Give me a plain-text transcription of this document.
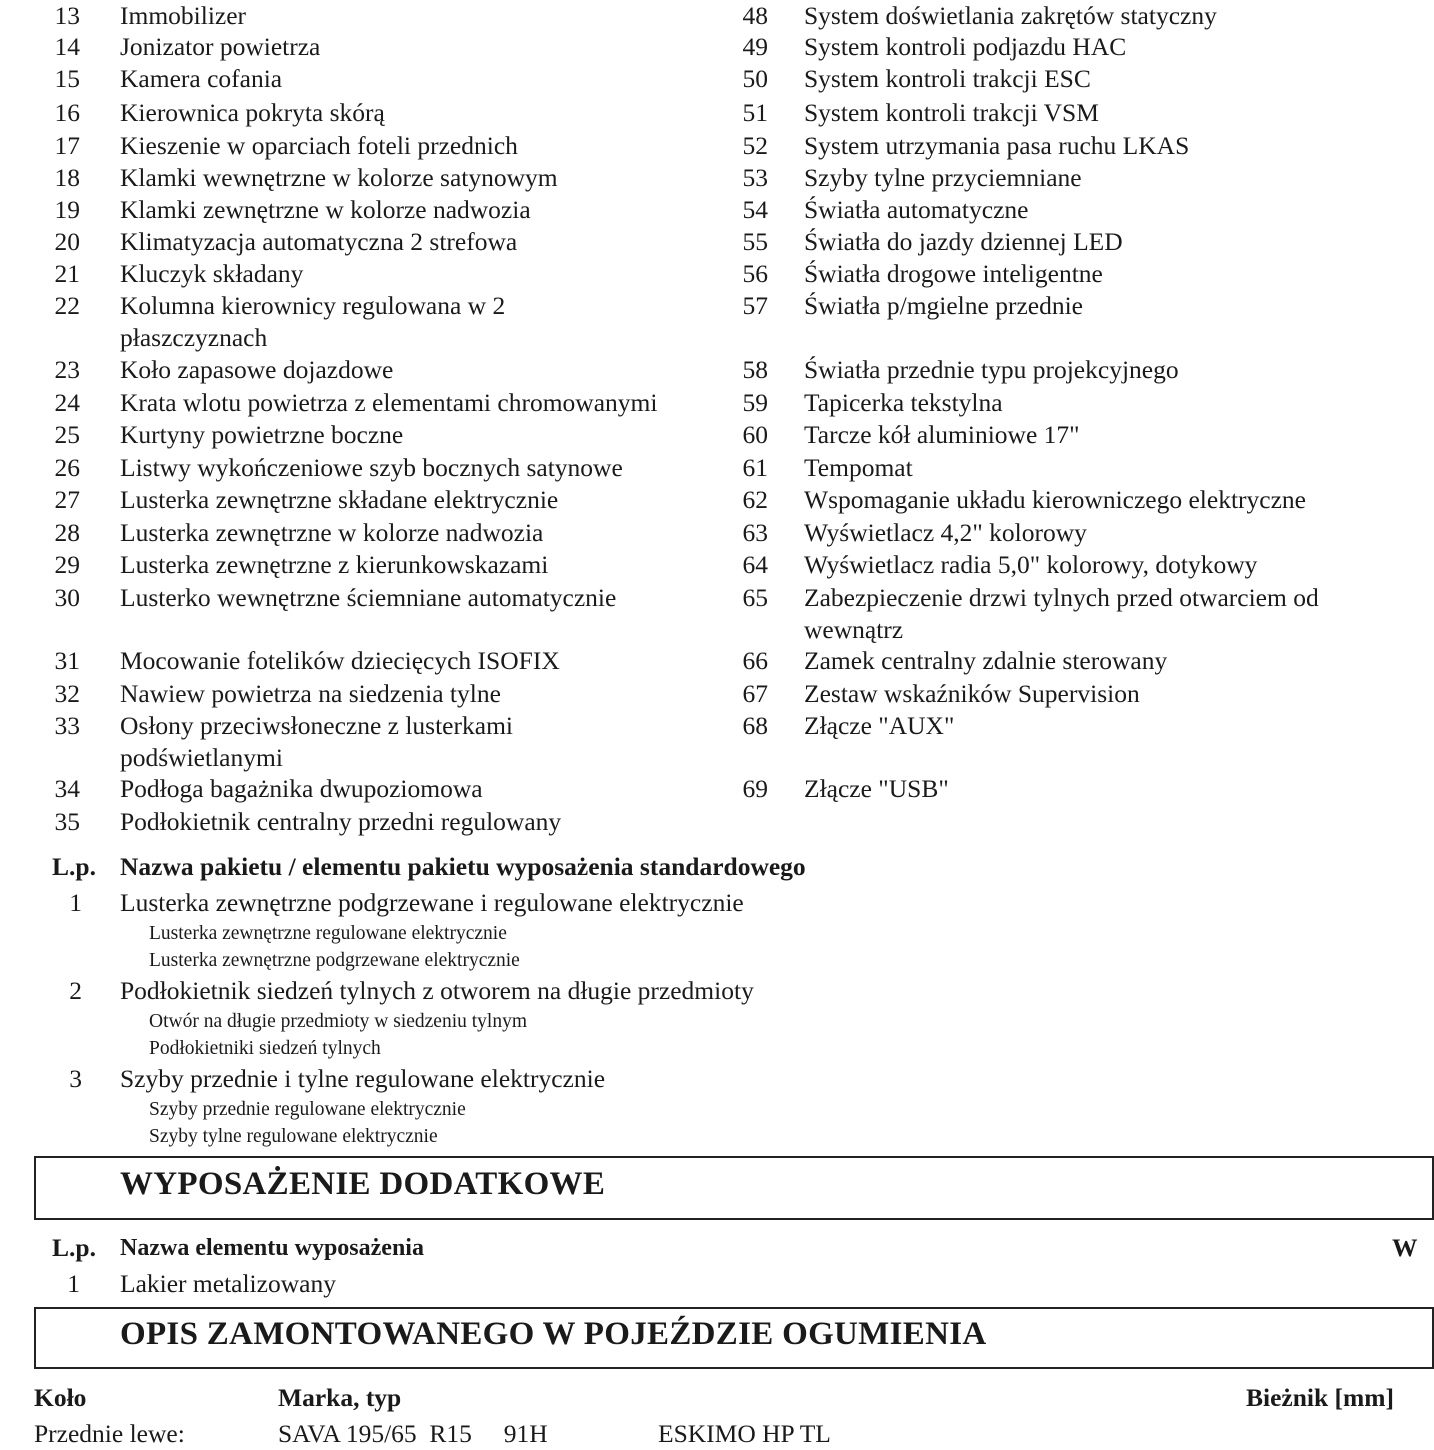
13 Immobilizer
14 Jonizator powietrza
15 Kamera cofania
16 Kierownica pokryta skórą
17 Kieszenie w oparciach foteli przednich
18 Klamki wewnętrzne w kolorze satynowym
19 Klamki zewnętrzne w kolorze nadwozia
20 Klimatyzacja automatyczna 2 strefowa
21 Kluczyk składany
22 Kolumna kierownicy regulowana w 2
płaszczyznach
23 Koło zapasowe dojazdowe
24 Krata wlotu powietrza z elementami chromowanymi
25 Kurtyny powietrzne boczne
26 Listwy wykończeniowe szyb bocznych satynowe
27 Lusterka zewnętrzne składane elektrycznie
28 Lusterka zewnętrzne w kolorze nadwozia
29 Lusterka zewnętrzne z kierunkowskazami
30 Lusterko wewnętrzne ściemniane automatycznie
31 Mocowanie fotelików dziecięcych ISOFIX
32 Nawiew powietrza na siedzenia tylne
33 Osłony przeciwsłoneczne z lusterkami
podświetlanymi
34 Podłoga bagażnika dwupoziomowa
35 Podłokietnik centralny przedni regulowany
48 System doświetlania zakrętów statyczny
49 System kontroli podjazdu HAC
50 System kontroli trakcji ESC
51 System kontroli trakcji VSM
52 System utrzymania pasa ruchu LKAS
53 Szyby tylne przyciemniane
54 Światła automatyczne
55 Światła do jazdy dziennej LED
56 Światła drogowe inteligentne
57 Światła p/mgielne przednie
58 Światła przednie typu projekcyjnego
59 Tapicerka tekstylna
60 Tarcze kół aluminiowe 17"
61 Tempomat
62 Wspomaganie układu kierowniczego elektryczne
63 Wyświetlacz 4,2" kolorowy
64 Wyświetlacz radia 5,0" kolorowy, dotykowy
65 Zabezpieczenie drzwi tylnych przed otwarciem od
wewnątrz
66 Zamek centralny zdalnie sterowany
67 Zestaw wskaźników Supervision
68 Złącze "AUX"
69 Złącze "USB"
L.p. Nazwa pakietu / elementu pakietu wyposażenia standardowego
1 Lusterka zewnętrzne podgrzewane i regulowane elektrycznie
Lusterka zewnętrzne regulowane elektrycznie
Lusterka zewnętrzne podgrzewane elektrycznie
2 Podłokietnik siedzeń tylnych z otworem na długie przedmioty
Otwór na długie przedmioty w siedzeniu tylnym
Podłokietniki siedzeń tylnych
3 Szyby przednie i tylne regulowane elektrycznie
Szyby przednie regulowane elektrycznie
Szyby tylne regulowane elektrycznie
WYPOSAŻENIE DODATKOWE
L.p. Nazwa elementu wyposażenia	W
1 Lakier metalizowany
OPIS ZAMONTOWANEGO W POJEŹDZIE OGUMIENIA
Koło	Marka, typ	Bieżnik [mm]
Przednie lewe:	SAVA 195/65  R15     91H	ESKIMO HP TL
